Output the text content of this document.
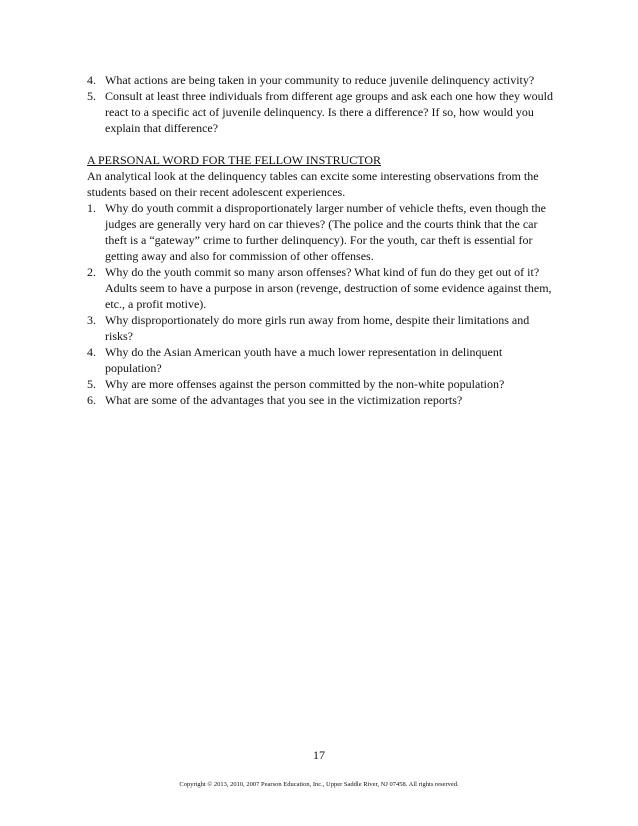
4. What actions are being taken in your community to reduce juvenile delinquency activity?
5. Consult at least three individuals from different age groups and ask each one how they would react to a specific act of juvenile delinquency. Is there a difference? If so, how would you explain that difference?

A PERSONAL WORD FOR THE FELLOW INSTRUCTOR

An analytical look at the delinquency tables can excite some interesting observations from the students based on their recent adolescent experiences.

1. Why do youth commit a disproportionately larger number of vehicle thefts, even though the judges are generally very hard on car thieves? (The police and the courts think that the car theft is a “gateway” crime to further delinquency). For the youth, car theft is essential for getting away and also for commission of other offenses.
2. Why do the youth commit so many arson offenses? What kind of fun do they get out of it?
Adults seem to have a purpose in arson (revenge, destruction of some evidence against them, etc., a profit motive).
3. Why disproportionately do more girls run away from home, despite their limitations and risks?
4. Why do the Asian American youth have a much lower representation in delinquent population?
5. Why are more offenses against the person committed by the non-white population?
6. What are some of the advantages that you see in the victimization reports?
17
Copyright © 2013, 2010, 2007 Pearson Education, Inc., Upper Saddle River, NJ 07458. All rights reserved.
